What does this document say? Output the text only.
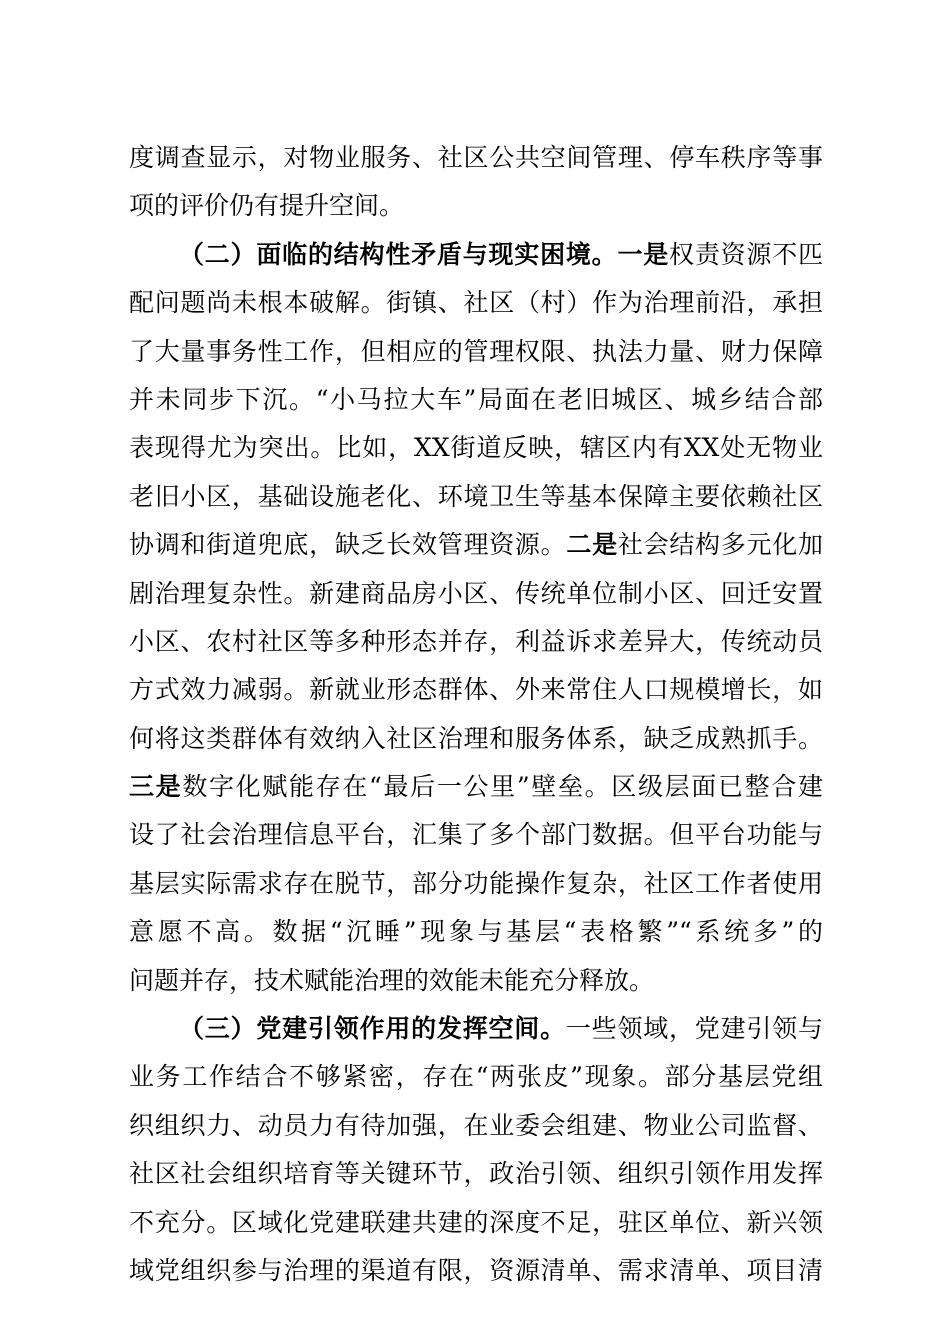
度调查显示，对物业服务、社区公共空间管理、停车秩序等事
项的评价仍有提升空间。
（二）面临的结构性矛盾与现实困境。一是权责资源不匹
配问题尚未根本破解。街镇、社区（村）作为治理前沿，承担
了大量事务性工作，但相应的管理权限、执法力量、财力保障
并未同步下沉。“小马拉大车”局面在老旧城区、城乡结合部
表现得尤为突出。比如，XX街道反映，辖区内有XX处无物业
老旧小区，基础设施老化、环境卫生等基本保障主要依赖社区
协调和街道兜底，缺乏长效管理资源。二是社会结构多元化加
剧治理复杂性。新建商品房小区、传统单位制小区、回迁安置
小区、农村社区等多种形态并存，利益诉求差异大，传统动员
方式效力减弱。新就业形态群体、外来常住人口规模增长，如
何将这类群体有效纳入社区治理和服务体系，缺乏成熟抓手。
三是数字化赋能存在“最后一公里”壁垒。区级层面已整合建
设了社会治理信息平台，汇集了多个部门数据。但平台功能与
基层实际需求存在脱节，部分功能操作复杂，社区工作者使用
意愿不高。数据“沉睡”现象与基层“表格繁”“系统多”的
问题并存，技术赋能治理的效能未能充分释放。
（三）党建引领作用的发挥空间。一些领域，党建引领与
业务工作结合不够紧密，存在“两张皮”现象。部分基层党组
织组织力、动员力有待加强，在业委会组建、物业公司监督、
社区社会组织培育等关键环节，政治引领、组织引领作用发挥
不充分。区域化党建联建共建的深度不足，驻区单位、新兴领
域党组织参与治理的渠道有限，资源清单、需求清单、项目清
